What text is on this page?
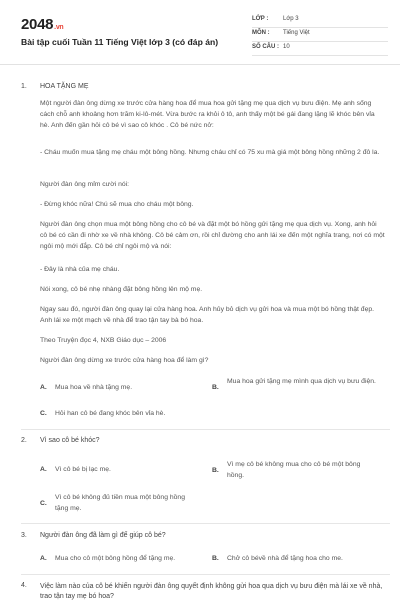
2048.vn
Bài tập cuối Tuần 11 Tiếng Việt lớp 3 (có đáp án)
LỚP : Lớp 3
MÔN : Tiếng Việt
SỐ CÂU : 10
1. HOA TẶNG MẸ
Một người đàn ông dừng xe trước cửa hàng hoa để mua hoa gửi tặng mẹ qua dịch vụ bưu điện. Mẹ anh sống cách chỗ anh khoảng hơn trăm ki-lô-mét. Vừa bước ra khỏi ô tô, anh thấy một bé gái đang lặng lẽ khóc bên vỉa hè. Anh đến gần hỏi cô bé vì sao cô khóc . Cô bé nức nở:
- Cháu muốn mua tặng mẹ cháu một bông hồng. Nhưng cháu chỉ có 75 xu mà giá một bông hồng những 2 đô la.
Người đàn ông mỉm cười nói:
- Đừng khóc nữa! Chú sẽ mua cho cháu một bông.
Người đàn ông chọn mua một bông hồng cho cô bé và đặt một bó hồng gửi tặng mẹ qua dịch vụ. Xong, anh hỏi cô bé có cần đi nhờ xe về nhà không. Cô bé cảm ơn, rồi chỉ đường cho anh lái xe đến một nghĩa trang, nơi có một ngôi mộ mới đắp. Cô bé chỉ ngôi mộ và nói:
- Đây là nhà của mẹ cháu.
Nói xong, cô bé nhẹ nhàng đặt bông hồng lên mộ mẹ.
Ngay sau đó, người đàn ông quay lại cửa hàng hoa. Anh hủy bỏ dịch vụ gửi hoa và mua một bó hồng thật đẹp. Anh lái xe một mạch về nhà để trao tận tay bà bó hoa.
Theo Truyện đọc 4, NXB Giáo dục – 2006
Người đàn ông dừng xe trước cửa hàng hoa để làm gì?
A. Mua hoa về nhà tặng mẹ.	B.
Mua hoa gửi tặng mẹ mình qua dịch vụ bưu điện.
C. Hỏi han cô bé đang khóc bên vỉa hè.
2. Vì sao cô bé khóc?
A. Vì cô bé bị lạc mẹ.	B.
Vì mẹ cô bé không mua cho cô bé một bông hồng.
C.
Vì cô bé không đủ tiền mua một bông hồng tặng mẹ.
3. Người đàn ông đã làm gì để giúp cô bé?
A. Mua cho cô một bông hồng để tặng mẹ.	B. Chở cô bévề nhà để tặng hoa cho me.
4. Việc làm nào của cô bé khiến người đàn ông quyết định không gửi hoa qua dịch vụ bưu điện mà lái xe về nhà, trao tận tay mẹ bó hoa?
